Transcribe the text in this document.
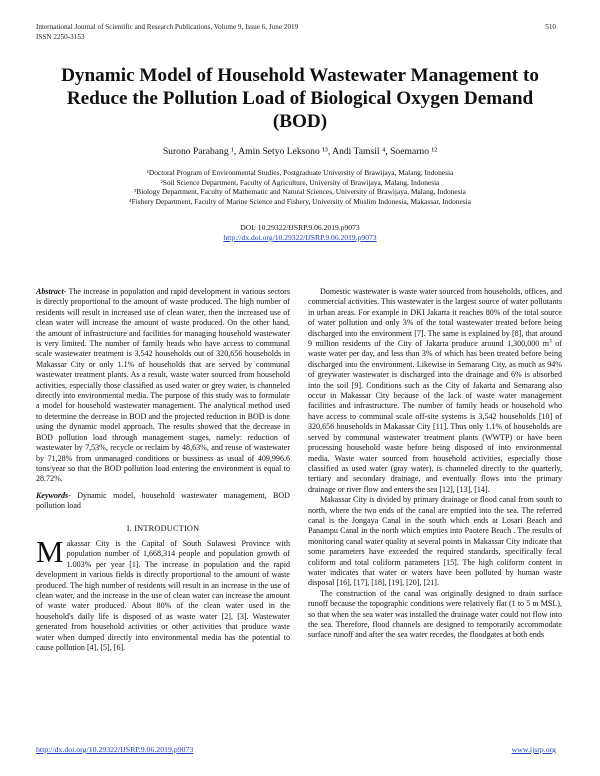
International Journal of Scientific and Research Publications, Volume 9, Issue 6, June 2019
ISSN 2250-3153
510
Dynamic Model of Household Wastewater Management to Reduce the Pollution Load of Biological Oxygen Demand (BOD)
Surono Parabang ¹, Amin Setyo Leksono ¹³, Andi Tamsil ⁴, Soemarno ¹²
¹Doctoral Program of Environmental Studies, Postgraduate University of Brawijaya, Malang, Indonesia
²Soil Science Department, Faculty of Agriculture, University of Brawijaya, Malang, Indonesia
³Biology Department, Faculty of Mathematic and Natural Sciences, University of Brawijaya, Malang, Indonesia
⁴Fishery Department, Faculty of Marine Science and Fishery, University of Muslim Indonesia, Makassar, Indonesia
DOI: 10.29322/IJSRP.9.06.2019.p9073
http://dx.doi.org/10.29322/IJSRP.9.06.2019.p9073

Abstract- The increase in population and rapid development in various sectors is directly proportional to the amount of waste produced. The high number of residents will result in increased use of clean water, then the increased use of clean water will increase the amount of waste produced. On the other hand, the amount of infrastructure and facilities for managing household wastewater is very limited. The number of family heads who have access to communal scale wastewater treatment is 3,542 households out of 320,656 households in Makassar City or only 1.1% of households that are served by communal wastewater treatment plants. As a result, waste water sourced from household activities, especially those classified as used water or grey water, is channeled directly into environmental media. The purpose of this study was to formulate a model for household wastewater management. The analytical method used to determine the decrease in BOD and the projected reduction in BOD is done using the dynamic model approach. The results showed that the decrease in BOD pollution load through management stages, namely: reduction of wastewater by 7,53%, recycle or reclaim by 48,63%, and reuse of wastewater by 71,28% from unmanaged conditions or bussiness as usual of 409,996.6 tons/year so that the BOD pollution load entering the environment is equal to 28.72%.

Keywords- Dynamic model, household wastewater management, BOD pollution load

I. INTRODUCTION

Makassar City is the Capital of South Sulawesi Province with population number of 1,668,314 people and population growth of 1.003% per year [1]. The increase in population and the rapid development in various fields is directly proportional to the amount of waste produced. The high number of residents will result in an increase in the use of clean water, and the increase in the use of clean water can increase the amount of waste water produced. About 80% of the clean water used in the household's daily life is disposed of as waste water [2], [3]. Wastewater generated from household activities or other activities that produce waste water when dumped directly into environmental media has the potential to cause pollution [4], [5], [6].

Domestic wastewater is waste water sourced from households, offices, and commercial activities. This wastewater is the largest source of water pollutants in urban areas. For example in DKI Jakarta it reaches 80% of the total source of water pollution and only 3% of the total wastewater treated before being discharged into the environment [7]. The same is explained by [8], that around 9 million residents of the City of Jakarta produce around 1,300,000 $m^3$ of waste water per day, and less than 3% of which has been treated before being discharged into the environment. Likewise in Semarang City, as much as 94% of greywater wastewater is discharged into the drainage and 6% is absorbed into the soil [9]. Conditions such as the City of Jakarta and Semarang also occur in Makassar City because of the lack of waste water management facilities and infrastructure. The number of family heads or household who have access to communal scale off-site systems is 3,542 households [10] of 320,656 households in Makassar City [11]. Thus only 1.1% of households are served by communal wastewater treatment plants (WWTP) or have been processing household waste before being disposed of into environmental media. Waste water sourced from household activities, especially those classified as used water (gray water), is channeled directly to the quarterly, tertiary and secondary drainage, and eventually flows into the primary drainage or river flow and enters the sea [12], [13], [14].

Makassar City is divided by primary drainage or flood canal from south to north, where the two ends of the canal are emptied into the sea. The referred canal is the Jongaya Canal in the south which ends at Losari Beach and Panampu Canal in the north which empties into Paotere Beach . The results of monitoring canal water quality at several points in Makassar City indicate that some parameters have exceeded the required standards, specifically fecal coliform and total coliform parameters [15]. The high coliform content in water indicates that water or waters have been polluted by human waste disposal [16], [17], [18], [19], [20], [21].

The construction of the canal was originally designed to drain surface runoff because the topographic conditions were relatively flat (1 to 5 m MSL), so that when the sea water was installed the drainage water could not flow into the sea. Therefore, flood channels are designed to temporarily accommodate surface runoff and after the sea water recedes, the floodgates at both ends

http://dx.doi.org/10.29322/IJSRP.9.06.2019.p9073	www.ijsrp.org
